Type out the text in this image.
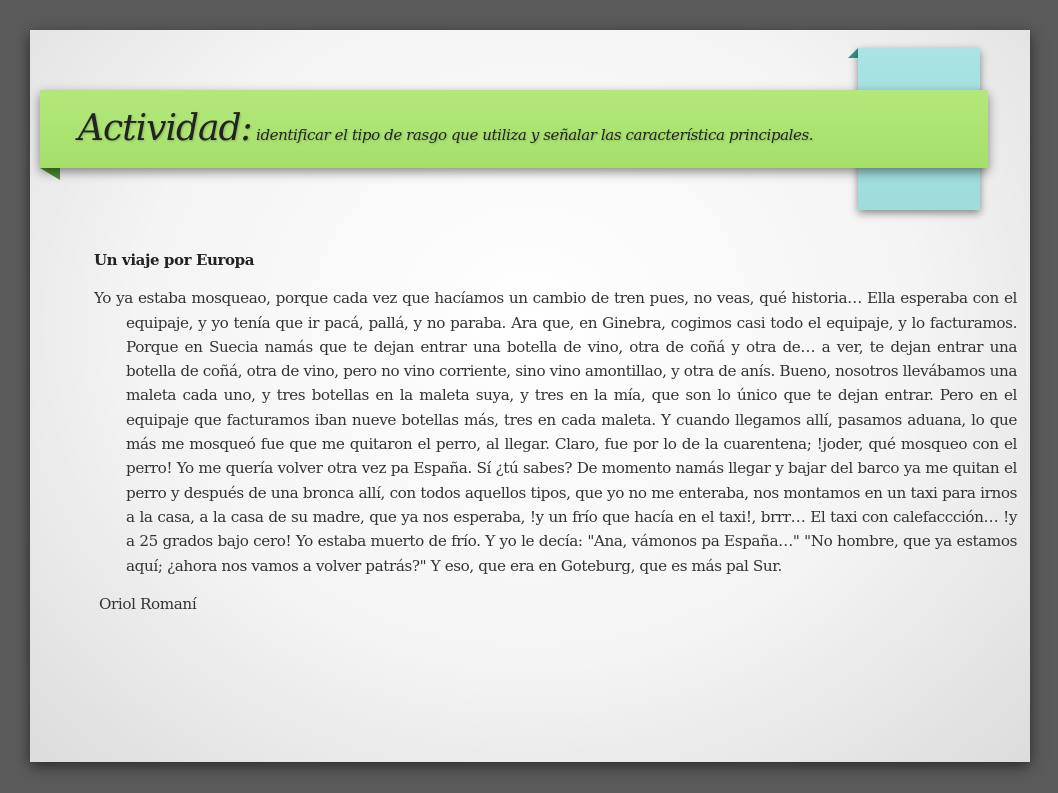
Actividad: identificar el tipo de rasgo que utiliza y señalar las característica principales.

Un viaje por Europa

Yo ya estaba mosqueao, porque cada vez que hacíamos un cambio de tren pues, no veas, qué historia… Ella esperaba con el equipaje, y yo tenía que ir pacá, pallá, y no paraba. Ara que, en Ginebra, cogimos casi todo el equipaje, y lo facturamos. Porque en Suecia namás que te dejan entrar una botella de vino, otra de coñá y otra de… a ver, te dejan entrar una botella de coñá, otra de vino, pero no vino corriente, sino vino amontillao, y otra de anís. Bueno, nosotros llevábamos una maleta cada uno, y tres botellas en la maleta suya, y tres en la mía, que son lo único que te dejan entrar. Pero en el equipaje que facturamos iban nueve botellas más, tres en cada maleta. Y cuando llegamos allí, pasamos aduana, lo que más me mosqueó fue que me quitaron el perro, al llegar. Claro, fue por lo de la cuarentena; !joder, qué mosqueo con el perro! Yo me quería volver otra vez pa España. Sí ¿tú sabes? De momento namás llegar y bajar del barco ya me quitan el perro y después de una bronca allí, con todos aquellos tipos, que yo no me enteraba, nos montamos en un taxi para irnos a la casa, a la casa de su madre, que ya nos esperaba, !y un frío que hacía en el taxi!, brrr… El taxi con calefaccción… !y a 25 grados bajo cero! Yo estaba muerto de frío. Y yo le decía: "Ana, vámonos pa España…" "No hombre, que ya estamos aquí; ¿ahora nos vamos a volver patrás?" Y eso, que era en Goteburg, que es más pal Sur.

Oriol Romaní
